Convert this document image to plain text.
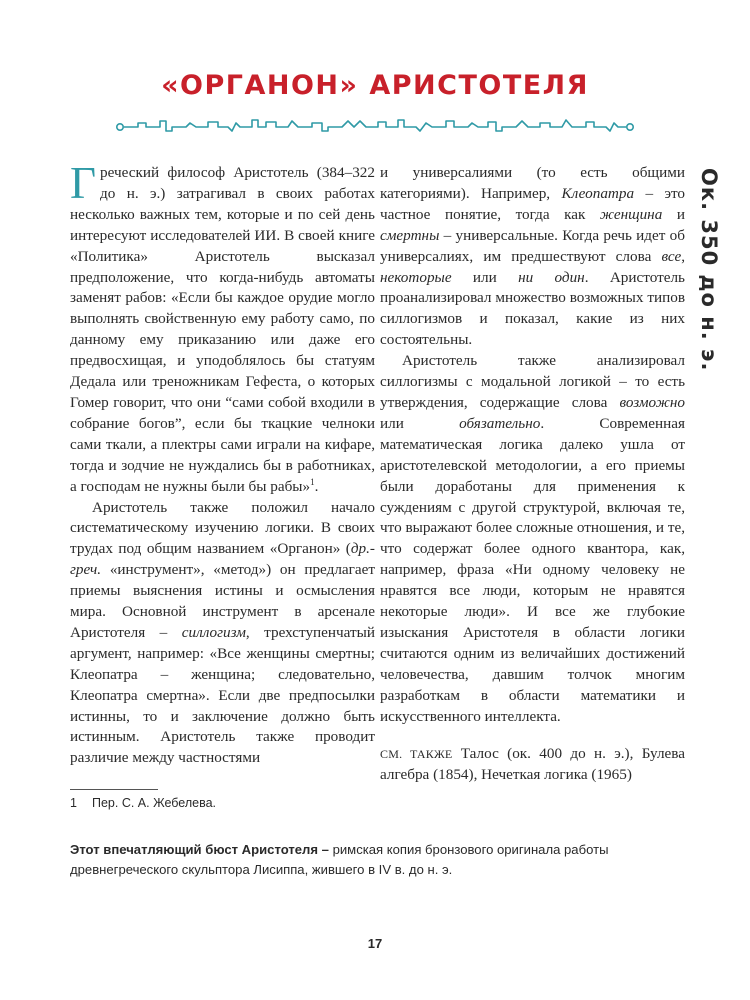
«ОРГАНОН» АРИСТОТЕЛЯ
Ок. 350 до н. э.

Греческий философ Аристотель (384–322 до н. э.) затрагивал в своих работах несколько важных тем, которые и по сей день интересуют исследователей ИИ. В своей книге «Политика» Аристотель высказал предположение, что когда-нибудь автоматы заменят рабов: «Если бы каждое орудие могло выполнять свойственную ему работу само, по данному ему приказанию или даже его предвосхищая, и уподоблялось бы статуям Дедала или треножникам Гефеста, о которых Гомер говорит, что они “сами собой входили в собрание богов”, если бы ткацкие челноки сами ткали, а плектры сами играли на кифаре, тогда и зодчие не нуждались бы в работниках, а господам не нужны были бы рабы»$^1$.

Аристотель также положил начало систематическому изучению логики. В своих трудах под общим названием «Органон» (др.-греч. «инструмент», «метод») он предлагает приемы выяснения истины и осмысления мира. Основной инструмент в арсенале Аристотеля – силлогизм, трехступенчатый аргумент, например: «Все женщины смертны; Клеопатра – женщина; следовательно, Клеопатра смертна». Если две предпосылки истинны, то и заключение должно быть истинным. Аристотель также проводит различие между частностями

и универсалиями (то есть общими категориями). Например, Клеопатра – это частное понятие, тогда как женщина и смертны – универсальные. Когда речь идет об универсалиях, им предшествуют слова все, некоторые или ни один. Аристотель проанализировал множество возможных типов силлогизмов и показал, какие из них состоятельны.

Аристотель также анализировал силлогизмы с модальной логикой – то есть утверждения, содержащие слова возможно или обязательно. Современная математическая логика далеко ушла от аристотелевской методологии, а его приемы были доработаны для применения к суждениям с другой структурой, включая те, что выражают более сложные отношения, и те, что содержат более одного квантора, как, например, фраза «Ни одному человеку не нравятся все люди, которым не нравятся некоторые люди». И все же глубокие изыскания Аристотеля в области логики считаются одним из величайших достижений человечества, давшим толчок многим разработкам в области математики и искусственного интеллекта.

СМ. ТАКЖЕ Талос (ок. 400 до н. э.), Булева алгебра (1854), Нечеткая логика (1965)

1 Пер. С. А. Жебелева.
Этот впечатляющий бюст Аристотеля – римская копия бронзового оригинала работы древнегреческого скульптора Лисиппа, жившего в IV в. до н. э.
17
